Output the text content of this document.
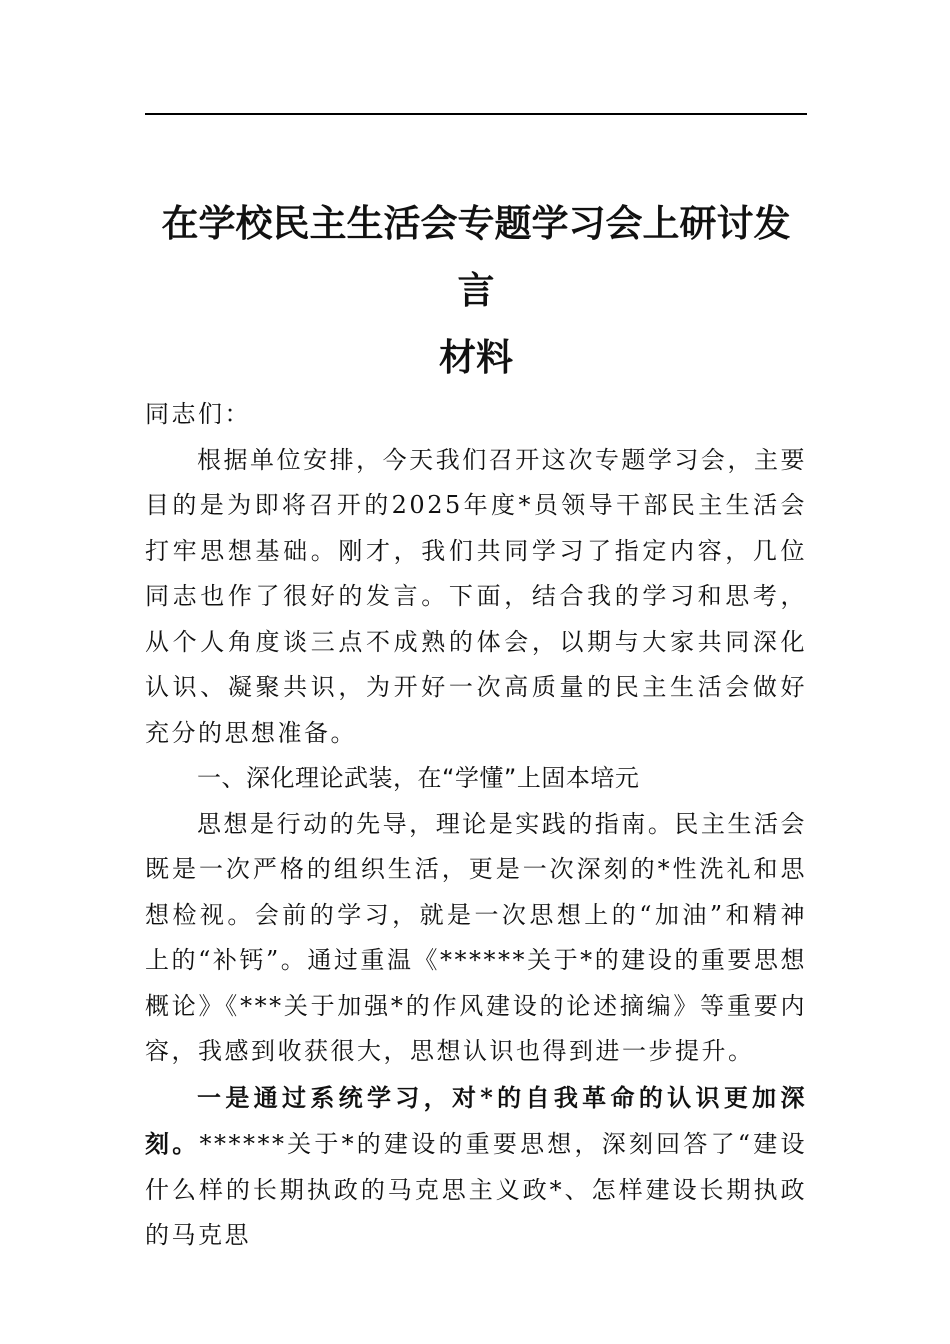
在学校民主生活会专题学习会上研讨发言
材料

同志们：

根据单位安排，今天我们召开这次专题学习会，主要目的是为即将召开的2025年度*员领导干部民主生活会打牢思想基础。刚才，我们共同学习了指定内容，几位同志也作了很好的发言。下面，结合我的学习和思考，从个人角度谈三点不成熟的体会，以期与大家共同深化认识、凝聚共识，为开好一次高质量的民主生活会做好充分的思想准备。

一、深化理论武装，在“学懂”上固本培元

思想是行动的先导，理论是实践的指南。民主生活会既是一次严格的组织生活，更是一次深刻的*性洗礼和思想检视。会前的学习，就是一次思想上的“加油”和精神上的“补钙”。通过重温《******关于*的建设的重要思想概论》《***关于加强*的作风建设的论述摘编》等重要内容，我感到收获很大，思想认识也得到进一步提升。

一是通过系统学习，对*的自我革命的认识更加深刻。******关于*的建设的重要思想，深刻回答了“建设什么样的长期执政的马克思主义政*、怎样建设长期执政的马克思
